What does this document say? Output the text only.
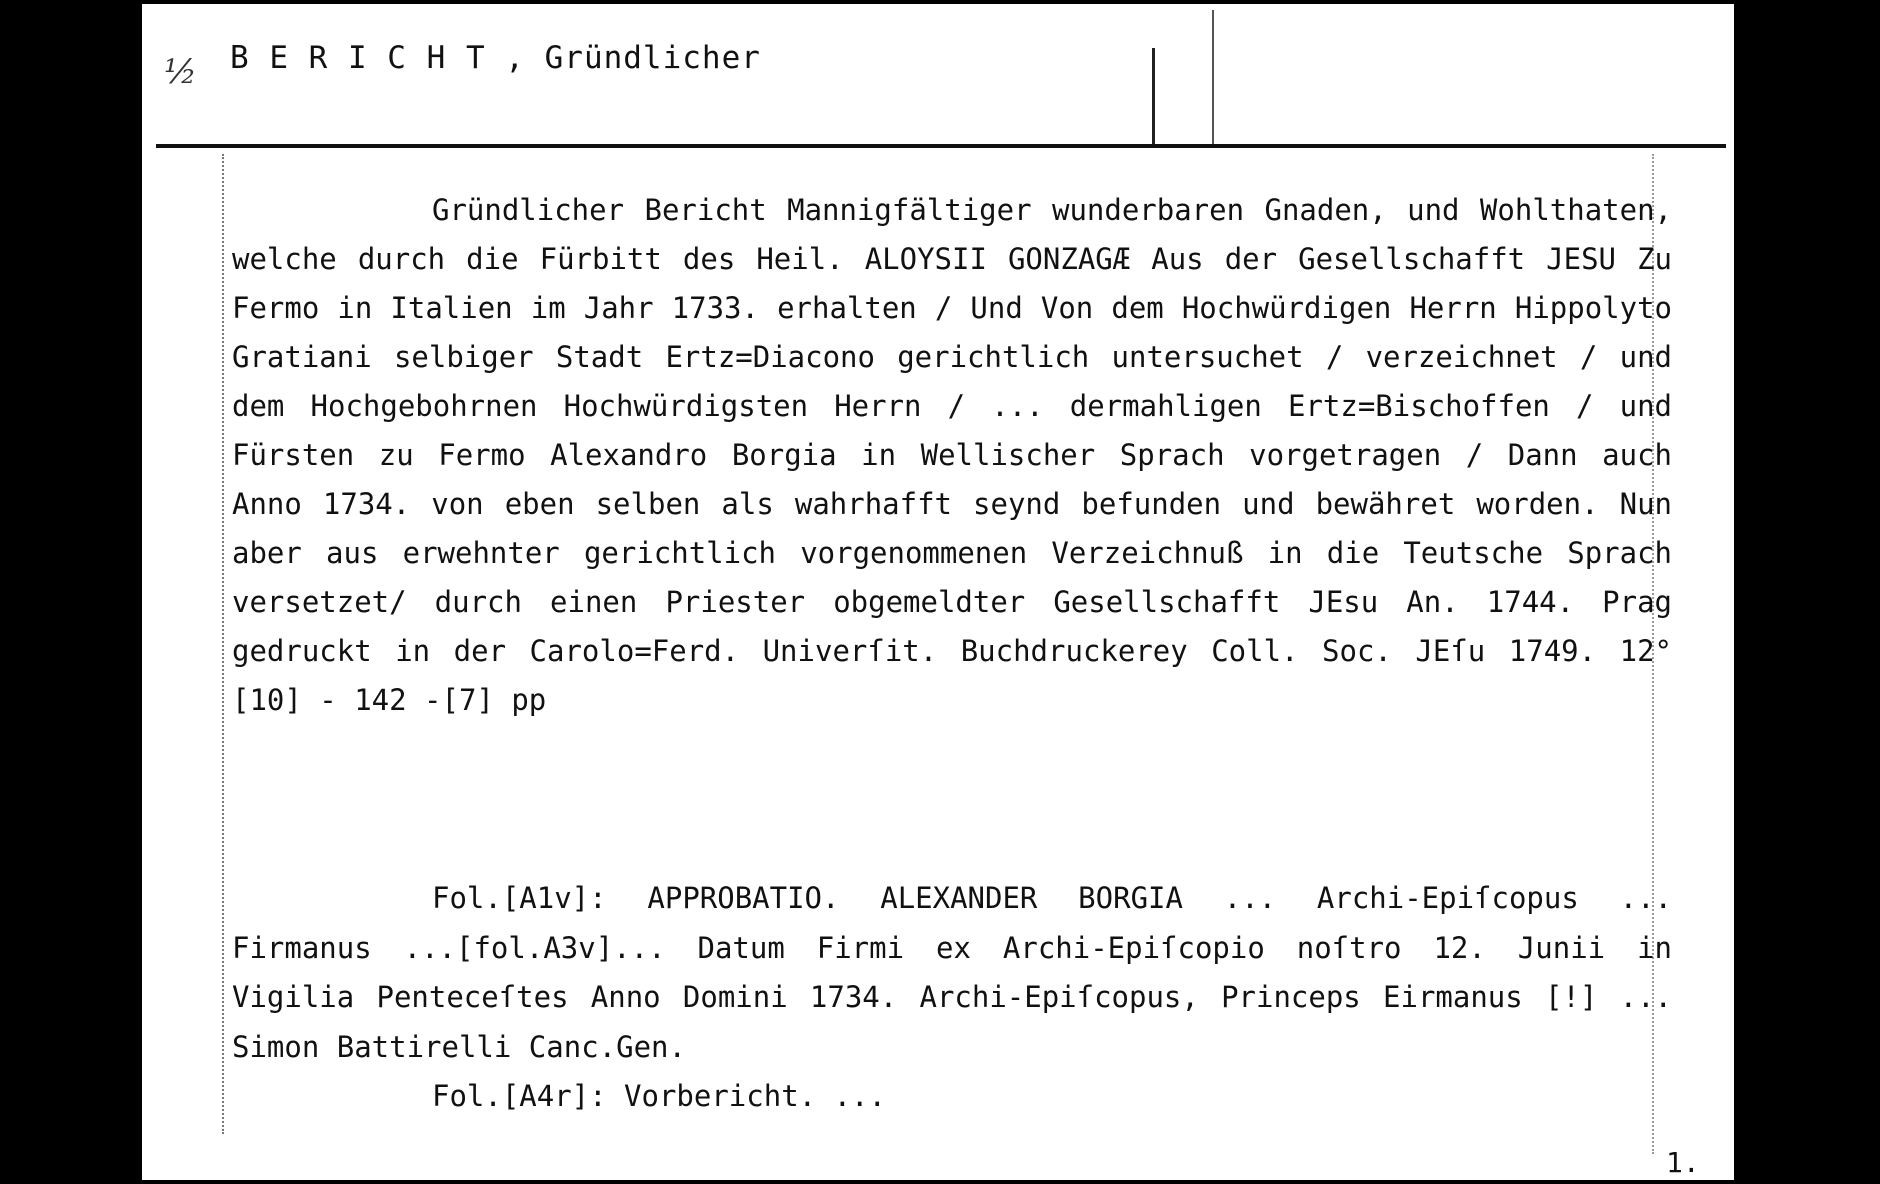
½ B E R I C H T , Gründlicher

Gründlicher Bericht Mannigfältiger wunderbaren Gnaden, und Wohlthaten, welche durch die Fürbitt des Heil. ALOYSII GONZAGÆ Aus der Gesellschafft JESU Zu Fermo in Italien im Jahr 1733. erhalten / Und Von dem Hochwürdigen Herrn Hippolyto Gratiani selbiger Stadt Ertz=Diacono gerichtlich untersuchet / verzeichnet / und dem Hochgebohrnen Hochwürdigsten Herrn / ... dermahligen Ertz=Bischoffen / und Fürsten zu Fermo Alexandro Borgia in Wellischer Sprach vorgetragen / Dann auch Anno 1734. von eben selben als wahrhafft seynd befunden und bewähret worden. Nun aber aus erwehnter gerichtlich vorgenommenen Verzeichnuß in die Teutsche Sprach versetzet/ durch einen Priester obgemeldter Gesellschafft JEsu An. 1744. Prag gedruckt in der Carolo=Ferd. Univerſit. Buchdruckerey Coll. Soc. JEſu 1749. 12° [10] - 142 -[7] pp

Fol.[A1v]: APPROBATIO. ALEXANDER BORGIA ... Archi-Epiſcopus ... Firmanus ...[fol.A3v]... Datum Firmi ex Archi-Epiſcopio noſtro 12. Junii in Vigilia Penteceſtes Anno Domini 1734. Archi-Epiſcopus, Princeps Eirmanus [!] ... Simon Battirelli Canc.Gen.

Fol.[A4r]: Vorbericht. ...

1.
